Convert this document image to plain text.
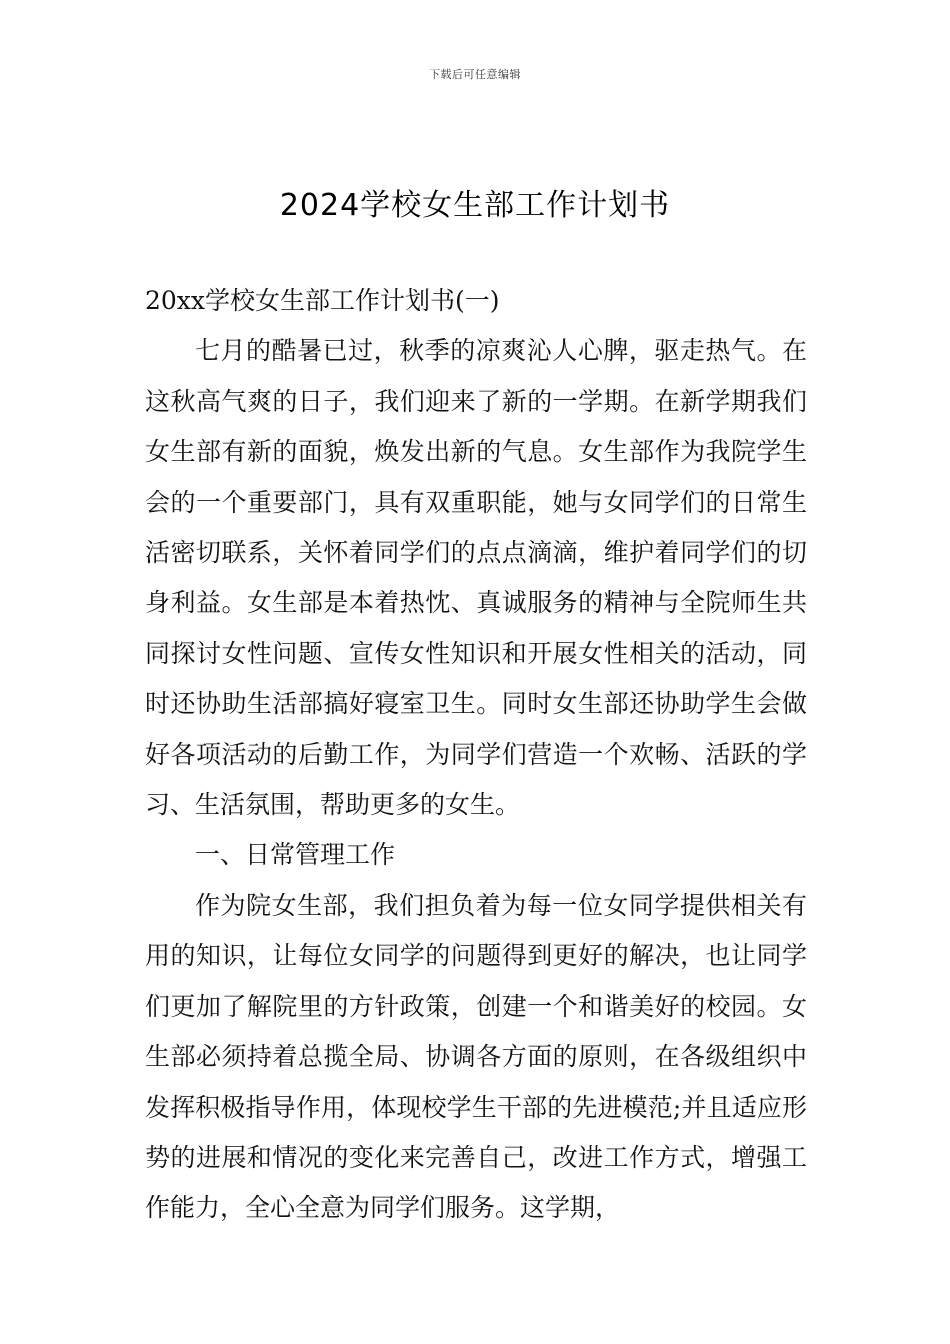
下载后可任意编辑
2024学校女生部工作计划书

20xx学校女生部工作计划书(一)

七月的酷暑已过，秋季的凉爽沁人心脾，驱走热气。在这秋高气爽的日子，我们迎来了新的一学期。在新学期我们女生部有新的面貌，焕发出新的气息。女生部作为我院学生会的一个重要部门，具有双重职能，她与女同学们的日常生活密切联系，关怀着同学们的点点滴滴，维护着同学们的切身利益。女生部是本着热忱、真诚服务的精神与全院师生共同探讨女性问题、宣传女性知识和开展女性相关的活动，同时还协助生活部搞好寝室卫生。同时女生部还协助学生会做好各项活动的后勤工作，为同学们营造一个欢畅、活跃的学习、生活氛围，帮助更多的女生。

一、日常管理工作

作为院女生部，我们担负着为每一位女同学提供相关有用的知识，让每位女同学的问题得到更好的解决，也让同学们更加了解院里的方针政策，创建一个和谐美好的校园。女生部必须持着总揽全局、协调各方面的原则，在各级组织中发挥积极指导作用，体现校学生干部的先进模范;并且适应形势的进展和情况的变化来完善自己，改进工作方式，增强工作能力，全心全意为同学们服务。这学期，
